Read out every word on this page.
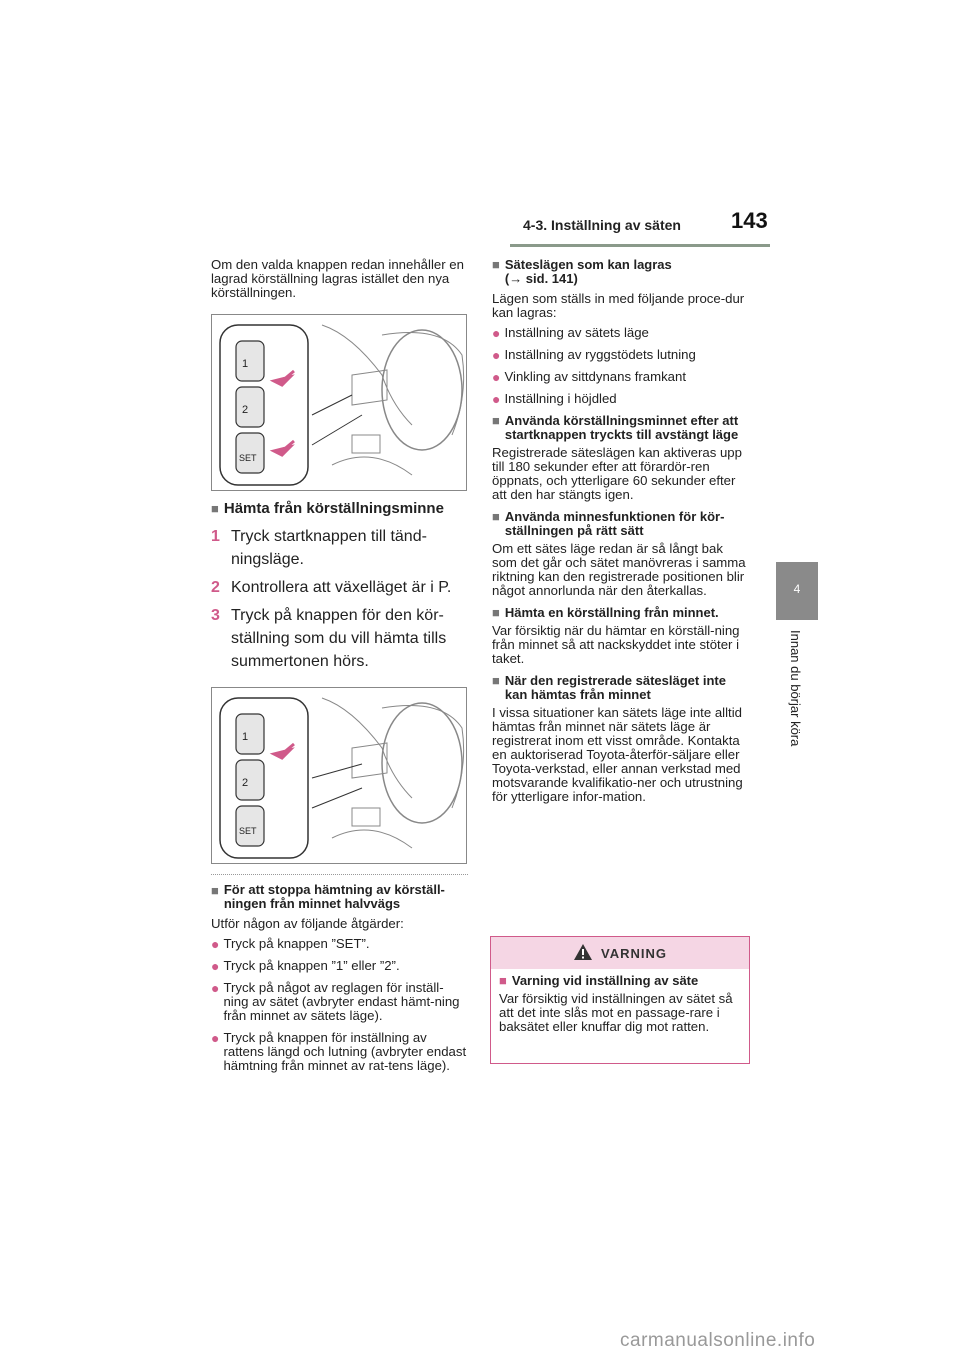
4-3. Inställning av säten 143
4
Innan du börjar köra

Om den valda knappen redan innehåller en lagrad körställning lagras istället den nya körställningen.

1
2
SET
■ Hämta från körställningsminne
1 Tryck startknappen till tänd-ningsläge.
2 Kontrollera att växelläget är i P.
3 Tryck på knappen för den kör-ställning som du vill hämta tills summertonen hörs.
1
2
SET
■ För att stoppa hämtning av körställ-ningen från minnet halvvägs

Utför någon av följande åtgärder:

● Tryck på knappen ”SET”.
● Tryck på knappen ”1” eller ”2”.
● Tryck på något av reglagen för inställ-ning av sätet (avbryter endast hämt-ning från minnet av sätets läge).
● Tryck på knappen för inställning av rattens längd och lutning (avbryter endast hämtning från minnet av rat-tens läge).
■ Säteslägen som kan lagras
(→ sid. 141)

Lägen som ställs in med följande proce-dur kan lagras:

● Inställning av sätets läge
● Inställning av ryggstödets lutning
● Vinkling av sittdynans framkant
● Inställning i höjdled
■ Använda körställningsminnet efter att startknappen tryckts till avstängt läge

Registrerade säteslägen kan aktiveras upp till 180 sekunder efter att förardör-ren öppnats, och ytterligare 60 sekunder efter att den har stängts igen.

■ Använda minnesfunktionen för kör-ställningen på rätt sätt

Om ett sätes läge redan är så långt bak som det går och sätet manövreras i samma riktning kan den registrerade positionen blir något annorlunda när den återkallas.

■ Hämta en körställning från minnet.

Var försiktig när du hämtar en körställ-ning från minnet så att nackskyddet inte stöter i taket.

■ När den registrerade sätesläget inte kan hämtas från minnet

I vissa situationer kan sätets läge inte alltid hämtas från minnet när sätets läge är registrerat inom ett visst område. Kontakta en auktoriserad Toyota-återför-säljare eller Toyota-verkstad, eller annan verkstad med motsvarande kvalifikatio-ner och utrustning för ytterligare infor-mation.

VARNING
■ Varning vid inställning av säte

Var försiktig vid inställningen av sätet så att det inte slås mot en passage-rare i baksätet eller knuffar dig mot ratten.

carmanualsonline.info
